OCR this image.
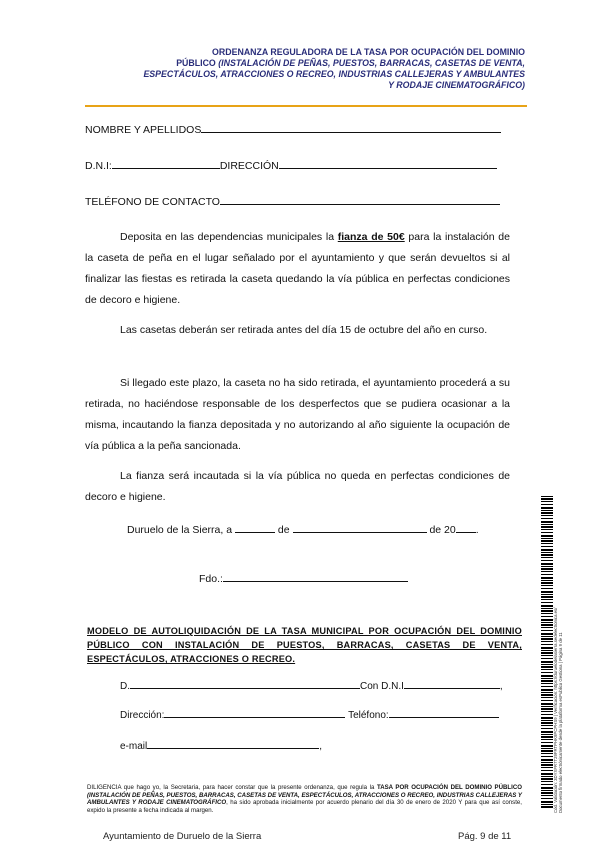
ORDENANZA REGULADORA DE LA TASA POR OCUPACIÓN DEL DOMINIO
PÚBLICO (INSTALACIÓN DE PEÑAS, PUESTOS, BARRACAS, CASETAS DE VENTA,
ESPECTÁCULOS, ATRACCIONES O RECREO, INDUSTRIAS CALLEJERAS Y AMBULANTES
Y RODAJE CINEMATOGRÁFICO)
NOMBRE Y APELLIDOS
D.N.I:	DIRECCIÓN
TELÉFONO DE CONTACTO
Deposita en las dependencias municipales la fianza de 50€ para la instalación de la caseta de peña en el lugar señalado por el ayuntamiento y que serán devueltos si al finalizar las fiestas es retirada la caseta quedando la vía pública en perfectas condiciones de decoro e higiene.
Las casetas deberán ser retirada antes del día 15 de octubre del año en curso.
Si llegado este plazo, la caseta no ha sido retirada, el ayuntamiento procederá a su retirada, no haciéndose responsable de los desperfectos que se pudiera ocasionar a la misma, incautando la fianza depositada y no autorizando al año siguiente la ocupación de vía pública a la peña sancionada.
La fianza será incautada si la vía pública no queda en perfectas condiciones de decoro e higiene.
Duruelo de la Sierra, a	de	de 20 .
Fdo.:
MODELO DE AUTOLIQUIDACIÓN DE LA TASA MUNICIPAL POR OCUPACIÓN DEL DOMINIO PÚBLICO CON INSTALACIÓN DE PUESTOS, BARRACAS, CASETAS DE VENTA, ESPECTÁCULOS, ATRACCIONES O RECREO.
D.	Con D.N.I	,
Dirección:	Teléfono:
e-mail	,
DILIGENCIA que hago yo, la Secretaria, para hacer constar que la presente ordenanza, que regula la TASA POR OCUPACIÓN DEL DOMINIO PÚBLICO (INSTALACIÓN DE PEÑAS, PUESTOS, BARRACAS, CASETAS DE VENTA, ESPECTÁCULOS, ATRACCIONES O RECREO, INDUSTRIAS CALLEJERAS Y AMBULANTES Y RODAJE CINEMATOGRÁFICO, ha sido aprobada inicialmente por acuerdo plenario del día 30 de enero de 2020 Y para que así conste, expido la presente a fecha indicada al margen.
Ayuntamiento de Duruelo de la Sierra	Pág. 9 de 11
Cód. Validación: 3DYXFR7T29FRTPHK9PCPHS9 | Verificación: https://duruelodelasierra.sedelectronica.es/ Documento firmado electrónicamente desde la plataforma esPublico Gestiona | Página 9 de 11
